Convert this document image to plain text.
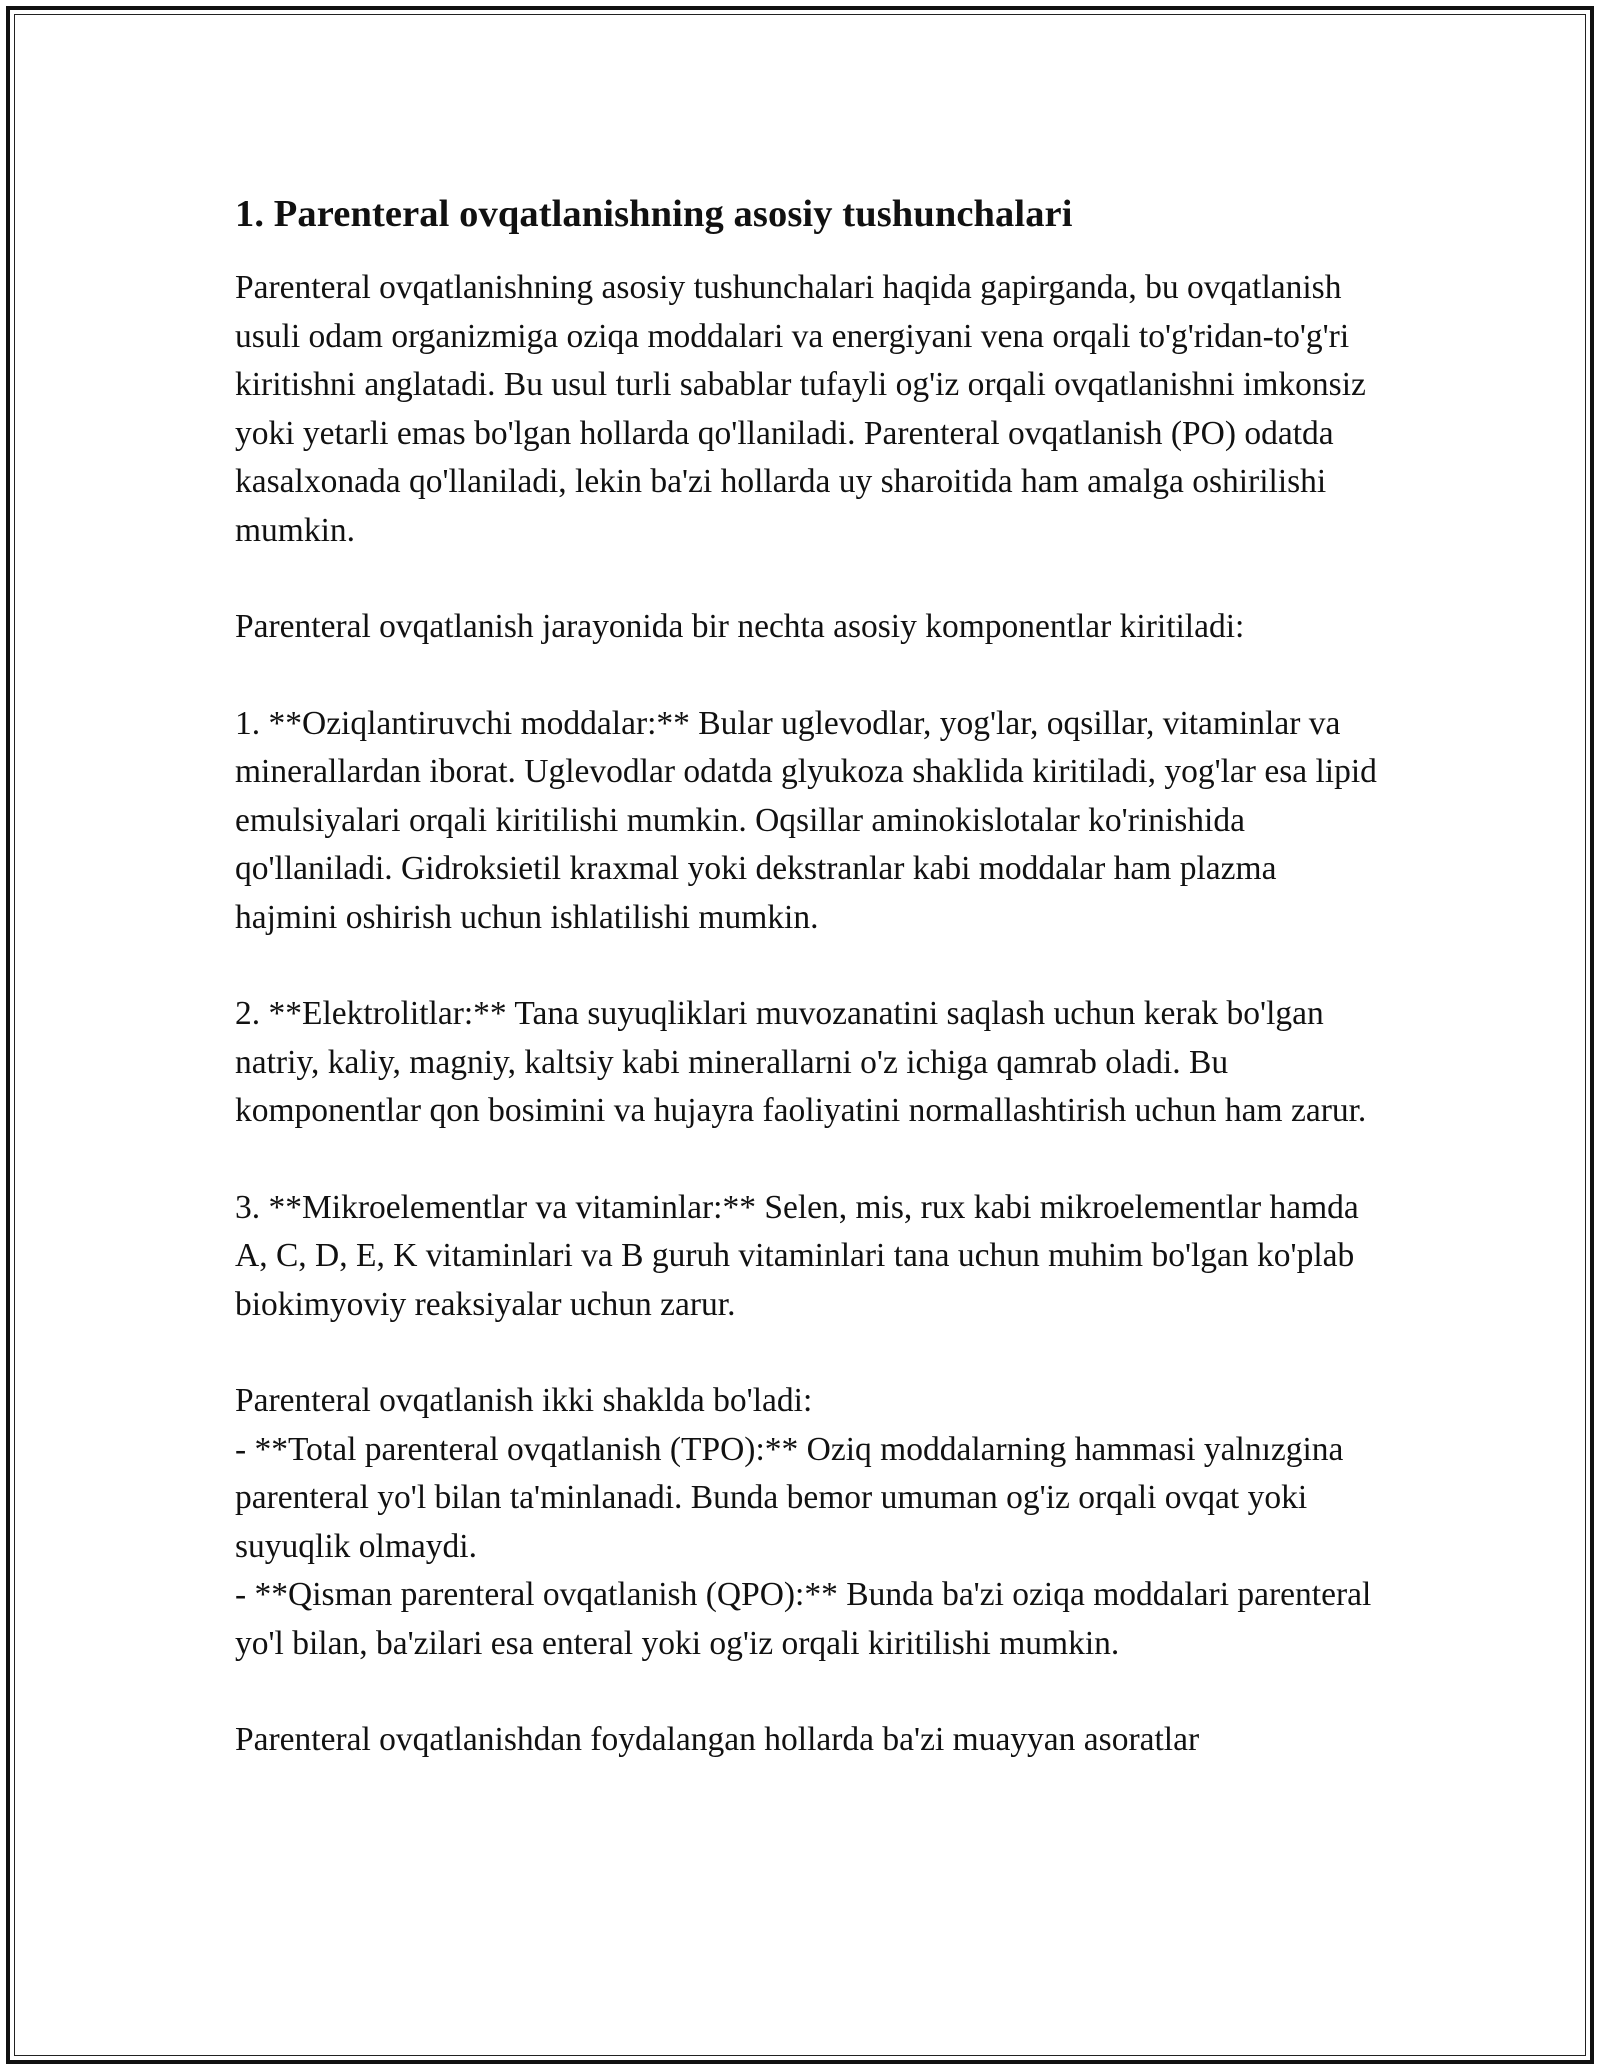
1. Parenteral ovqatlanishning asosiy tushunchalari

Parenteral ovqatlanishning asosiy tushunchalari haqida gapirganda, bu ovqatlanish usuli odam organizmiga oziqa moddalari va energiyani vena orqali to'g'ridan-to'g'ri kiritishni anglatadi. Bu usul turli sabablar tufayli og'iz orqali ovqatlanishni imkonsiz yoki yetarli emas bo'lgan hollarda qo'llaniladi. Parenteral ovqatlanish (PO) odatda kasalxonada qo'llaniladi, lekin ba'zi hollarda uy sharoitida ham amalga oshirilishi mumkin.

Parenteral ovqatlanish jarayonida bir nechta asosiy komponentlar kiritiladi:

1. **Oziqlantiruvchi moddalar:** Bular uglevodlar, yog'lar, oqsillar, vitaminlar va minerallardan iborat. Uglevodlar odatda glyukoza shaklida kiritiladi, yog'lar esa lipid emulsiyalari orqali kiritilishi mumkin. Oqsillar aminokislotalar ko'rinishida qo'llaniladi. Gidroksietil kraxmal yoki dekstranlar kabi moddalar ham plazma hajmini oshirish uchun ishlatilishi mumkin.

2. **Elektrolitlar:** Tana suyuqliklari muvozanatini saqlash uchun kerak bo'lgan natriy, kaliy, magniy, kaltsiy kabi minerallarni o'z ichiga qamrab oladi. Bu komponentlar qon bosimini va hujayra faoliyatini normallashtirish uchun ham zarur.

3. **Mikroelementlar va vitaminlar:** Selen, mis, rux kabi mikroelementlar hamda A, C, D, E, K vitaminlari va B guruh vitaminlari tana uchun muhim bo'lgan ko'plab biokimyoviy reaksiyalar uchun zarur.

Parenteral ovqatlanish ikki shaklda bo'ladi:
- **Total parenteral ovqatlanish (TPO):** Oziq moddalarning hammasi yalnızgina parenteral yo'l bilan ta'minlanadi. Bunda bemor umuman og'iz orqali ovqat yoki suyuqlik olmaydi.
- **Qisman parenteral ovqatlanish (QPO):** Bunda ba'zi oziqa moddalari parenteral yo'l bilan, ba'zilari esa enteral yoki og'iz orqali kiritilishi mumkin.

Parenteral ovqatlanishdan foydalangan hollarda ba'zi muayyan asoratlar
